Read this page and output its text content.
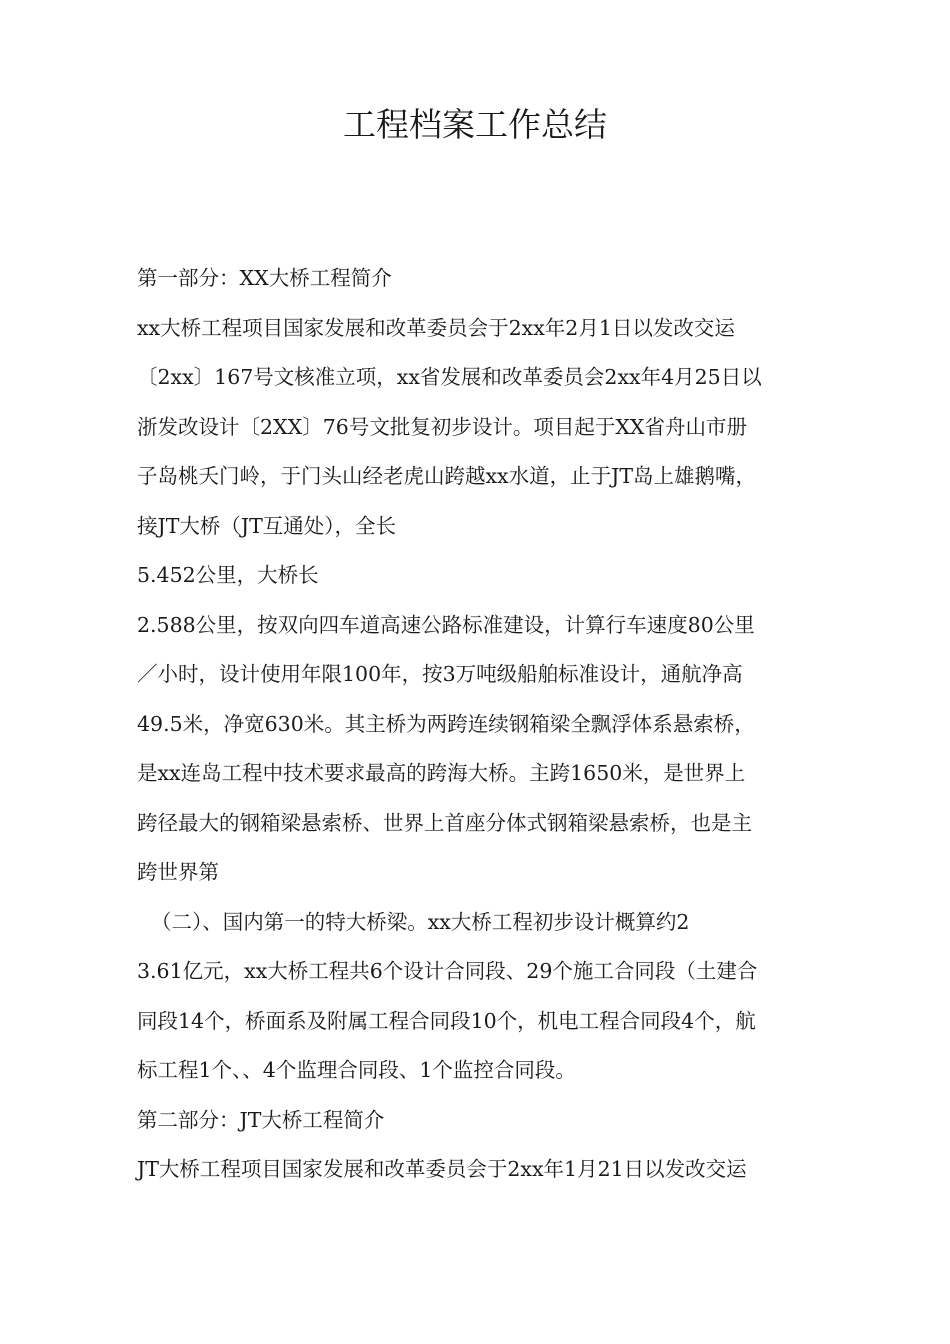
工程档案工作总结

第一部分：XX大桥工程简介

xx大桥工程项目国家发展和改革委员会于2xx年2月1日以发改交运

〔2xx〕167号文核准立项，xx省发展和改革委员会2xx年4月25日以

浙发改设计〔2XX〕76号文批复初步设计。项目起于XX省舟山市册

子岛桃夭门岭，于门头山经老虎山跨越xx水道，止于JT岛上雄鹅嘴，

接JT大桥（JT互通处），全长

5.452公里，大桥长

2.588公里，按双向四车道高速公路标准建设，计算行车速度80公里

／小时，设计使用年限100年，按3万吨级船舶标准设计，通航净高

49.5米，净宽630米。其主桥为两跨连续钢箱梁全飘浮体系悬索桥，

是xx连岛工程中技术要求最高的跨海大桥。主跨1650米，是世界上

跨径最大的钢箱梁悬索桥、世界上首座分体式钢箱梁悬索桥，也是主

跨世界第

（二）、国内第一的特大桥梁。xx大桥工程初步设计概算约2

3.61亿元，xx大桥工程共6个设计合同段、29个施工合同段（土建合

同段14个，桥面系及附属工程合同段10个，机电工程合同段4个，航

标工程1个、、4个监理合同段、1个监控合同段。

第二部分：JT大桥工程简介

JT大桥工程项目国家发展和改革委员会于2xx年1月21日以发改交运
